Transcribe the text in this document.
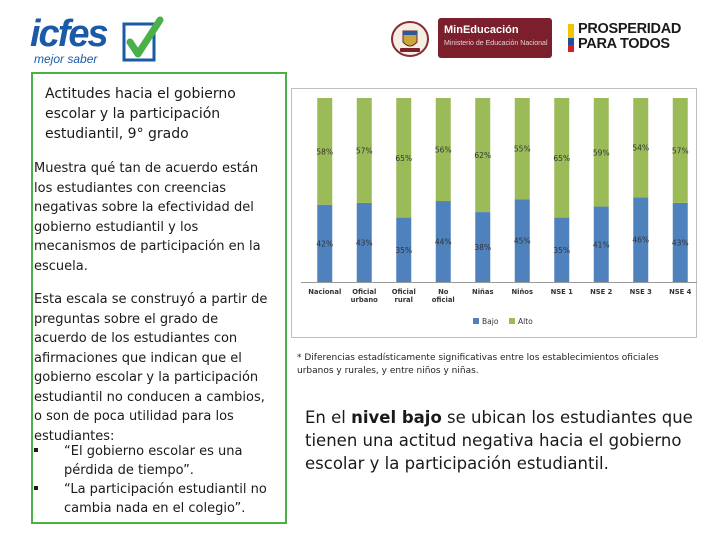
icfes
mejor saber
MinEducación
Ministerio de Educación Nacional
PROSPERIDAD
PARA TODOS
Actitudes hacia el gobierno escolar y la participación estudiantil, 9° grado
Muestra qué tan de acuerdo están los estudiantes con creencias negativas sobre la efectividad del gobierno estudiantil y los mecanismos de participación en la escuela.
Esta escala se construyó a partir de preguntas sobre el grado de acuerdo de los estudiantes con afirmaciones que indican que el gobierno escolar y la participación estudiantil no conducen a cambios, o son de poca utilidad para los estudiantes:
“El gobierno escolar es una pérdida de tiempo”.
“La participación estudiantil no cambia nada en el colegio”.
42%
58%
Nacional
43%
57%
Oficial urbano
35%
65%
Oficial rural
44%
56%
No oficial
38%
62%
Niñas
45%
55%
Niños
35%
65%
NSE 1
41%
59%
NSE 2
46%
54%
NSE 3
43%
57%
NSE 4
Bajo	Alto
* Diferencias estadísticamente significativas entre los establecimientos oficiales urbanos y rurales, y entre niños y niñas.
En el nivel bajo se ubican los estudiantes que tienen una actitud negativa hacia el gobierno escolar y la participación estudiantil.
